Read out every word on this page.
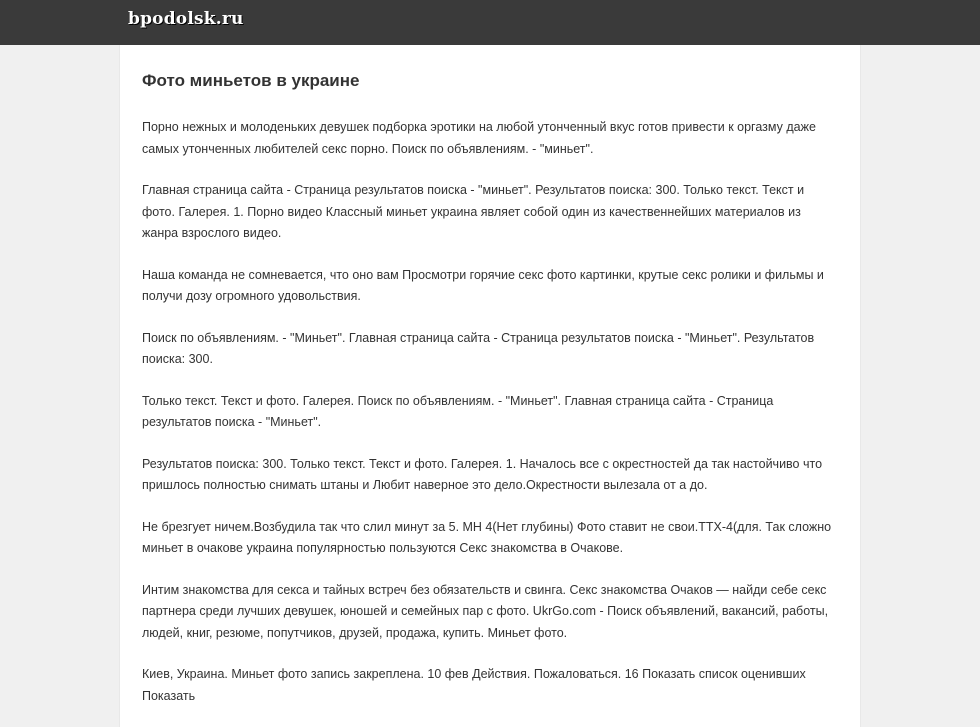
bpodolsk.ru
Фото миньетов в украине

Порно нежных и молоденьких девушек подборка эротики на любой утонченный вкус готов привести к оргазму даже самых утонченных любителей секс порно. Поиск по объявлениям. - "миньет".

Главная страница сайта - Страница результатов поиска - "миньет". Результатов поиска: 300. Только текст. Текст и фото. Галерея. 1. Порно видео Классный миньет украина являет собой один из качественнейших материалов из жанра взрослого видео.

Наша команда не сомневается, что оно вам Просмотри горячие секс фото картинки, крутые секс ролики и фильмы и получи дозу огромного удовольствия.

Поиск по объявлениям. - "Миньет". Главная страница сайта - Страница результатов поиска - "Миньет". Результатов поиска: 300.

Только текст. Текст и фото. Галерея. Поиск по объявлениям. - "Миньет". Главная страница сайта - Страница результатов поиска - "Миньет".

Результатов поиска: 300. Только текст. Текст и фото. Галерея. 1. Началось все с окрестностей да так настойчиво что пришлось полностью снимать штаны и Любит наверное это дело.Окрестности вылезала от а до.

Не брезгует ничем.Возбудила так что слил минут за 5. МН 4(Нет глубины) Фото ставит не свои.ТТХ-4(для. Так сложно миньет в очакове украина популярностью пользуются Секс знакомства в Очакове.

Интим знакомства для секса и тайных встреч без обязательств и свинга. Секс знакомства Очаков — найди себе секс партнера среди лучших девушек, юношей и семейных пар с фото. UkrGo.com - Поиск объявлений, вакансий, работы, людей, книг, резюме, попутчиков, друзей, продажа, купить. Миньет фото.

Киев, Украина. Миньет фото запись закреплена. 10 фев Действия. Пожаловаться. 16 Показать список оценивших Показать
